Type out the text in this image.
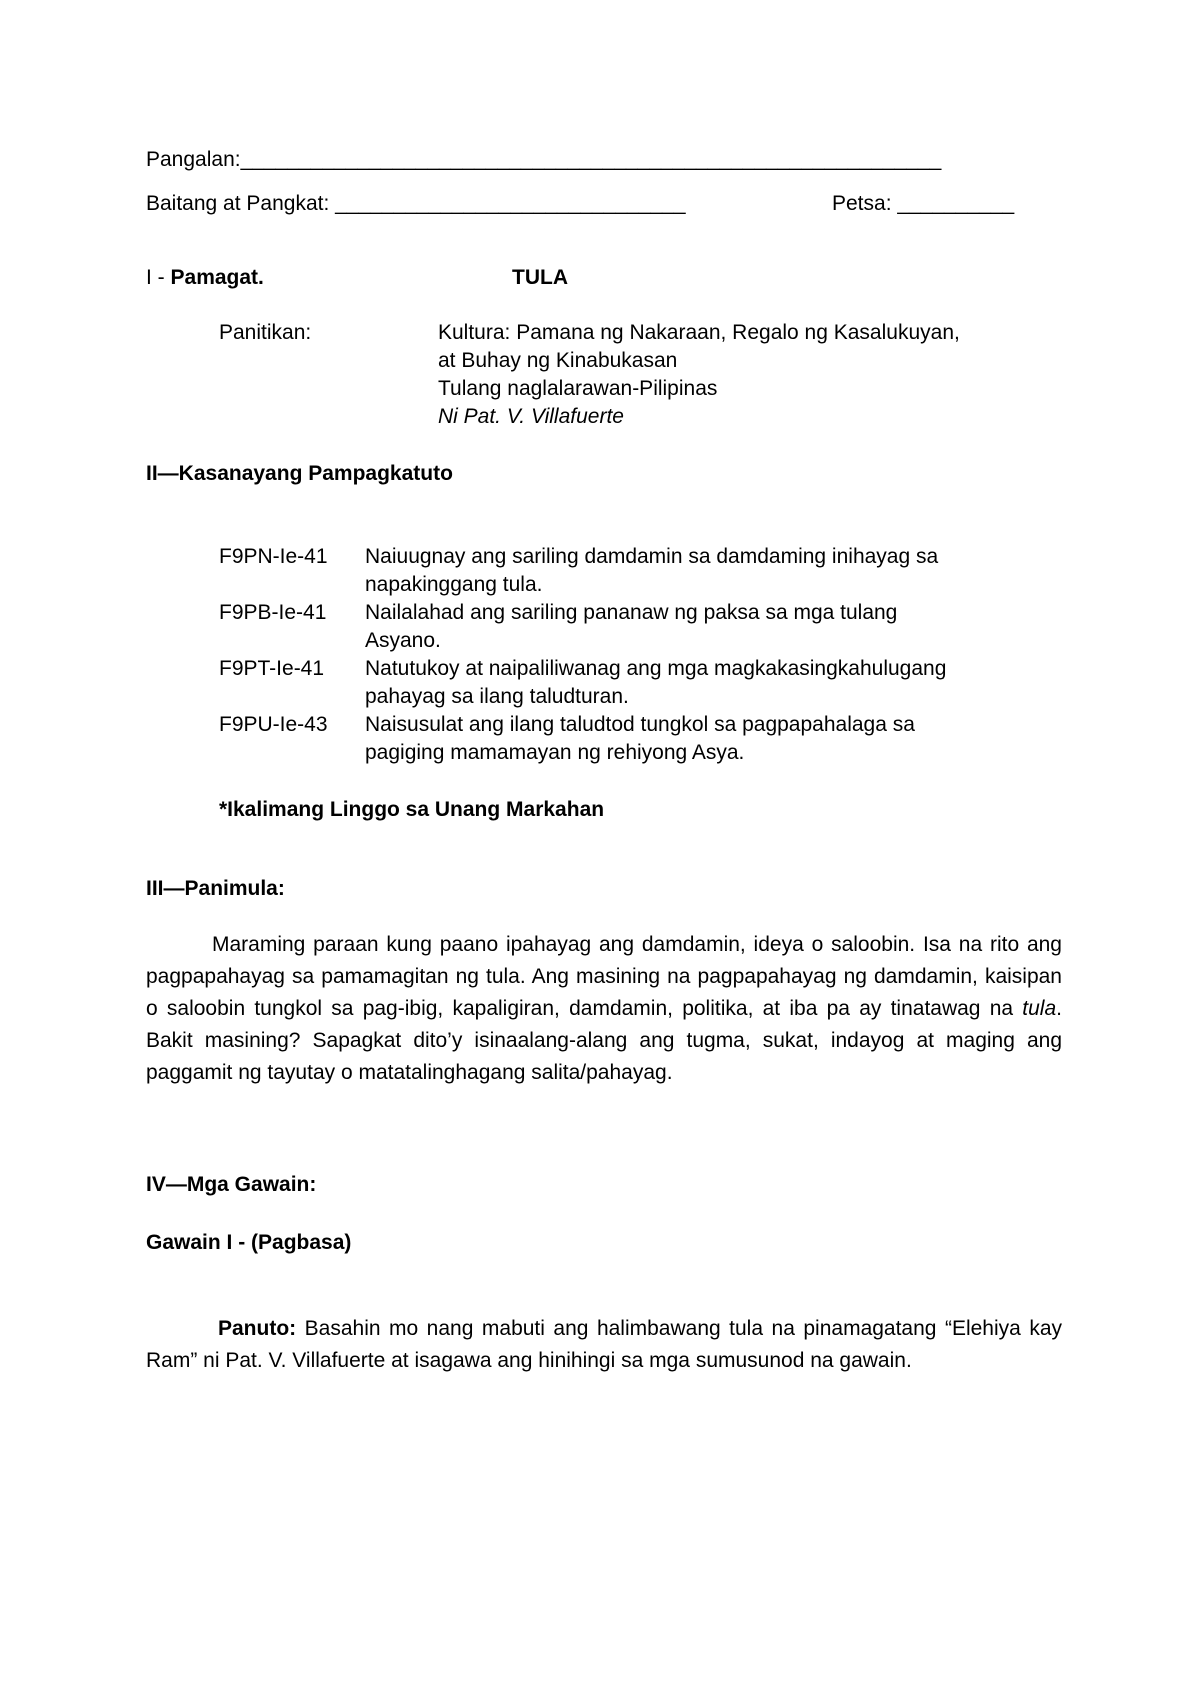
Pangalan:____________________________________________________________
Baitang at Pangkat: ______________________________	Petsa: __________
I - Pamagat.	TULA
Panitikan:	Kultura: Pamana ng Nakaraan, Regalo ng Kasalukuyan,
at Buhay ng Kinabukasan
Tulang naglalarawan-Pilipinas
Ni Pat. V. Villafuerte
II—Kasanayang Pampagkatuto
F9PN-Ie-41 Naiuugnay ang sariling damdamin sa damdaming inihayag sa
napakinggang tula.
F9PB-Ie-41 Nailalahad ang sariling pananaw ng paksa sa mga tulang
Asyano.
F9PT-Ie-41 Natutukoy at naipaliliwanag ang mga magkakasingkahulugang
pahayag sa ilang taludturan.
F9PU-Ie-43 Naisusulat ang ilang taludtod tungkol sa pagpapahalaga sa
pagiging mamamayan ng rehiyong Asya.
*Ikalimang Linggo sa Unang Markahan
III—Panimula:
Maraming paraan kung paano ipahayag ang damdamin, ideya o saloobin. Isa na rito ang pagpapahayag sa pamamagitan ng tula. Ang masining na pagpapahayag ng damdamin, kaisipan o saloobin tungkol sa pag-ibig, kapaligiran, damdamin, politika, at iba pa ay tinatawag na tula. Bakit masining? Sapagkat dito’y isinaalang-alang ang tugma, sukat, indayog at maging ang paggamit ng tayutay o matatalinghagang salita/pahayag.
IV—Mga Gawain:
Gawain I - (Pagbasa)
Panuto: Basahin mo nang mabuti ang halimbawang tula na pinamagatang “Elehiya kay Ram” ni Pat. V. Villafuerte at isagawa ang hinihingi sa mga sumusunod na gawain.
